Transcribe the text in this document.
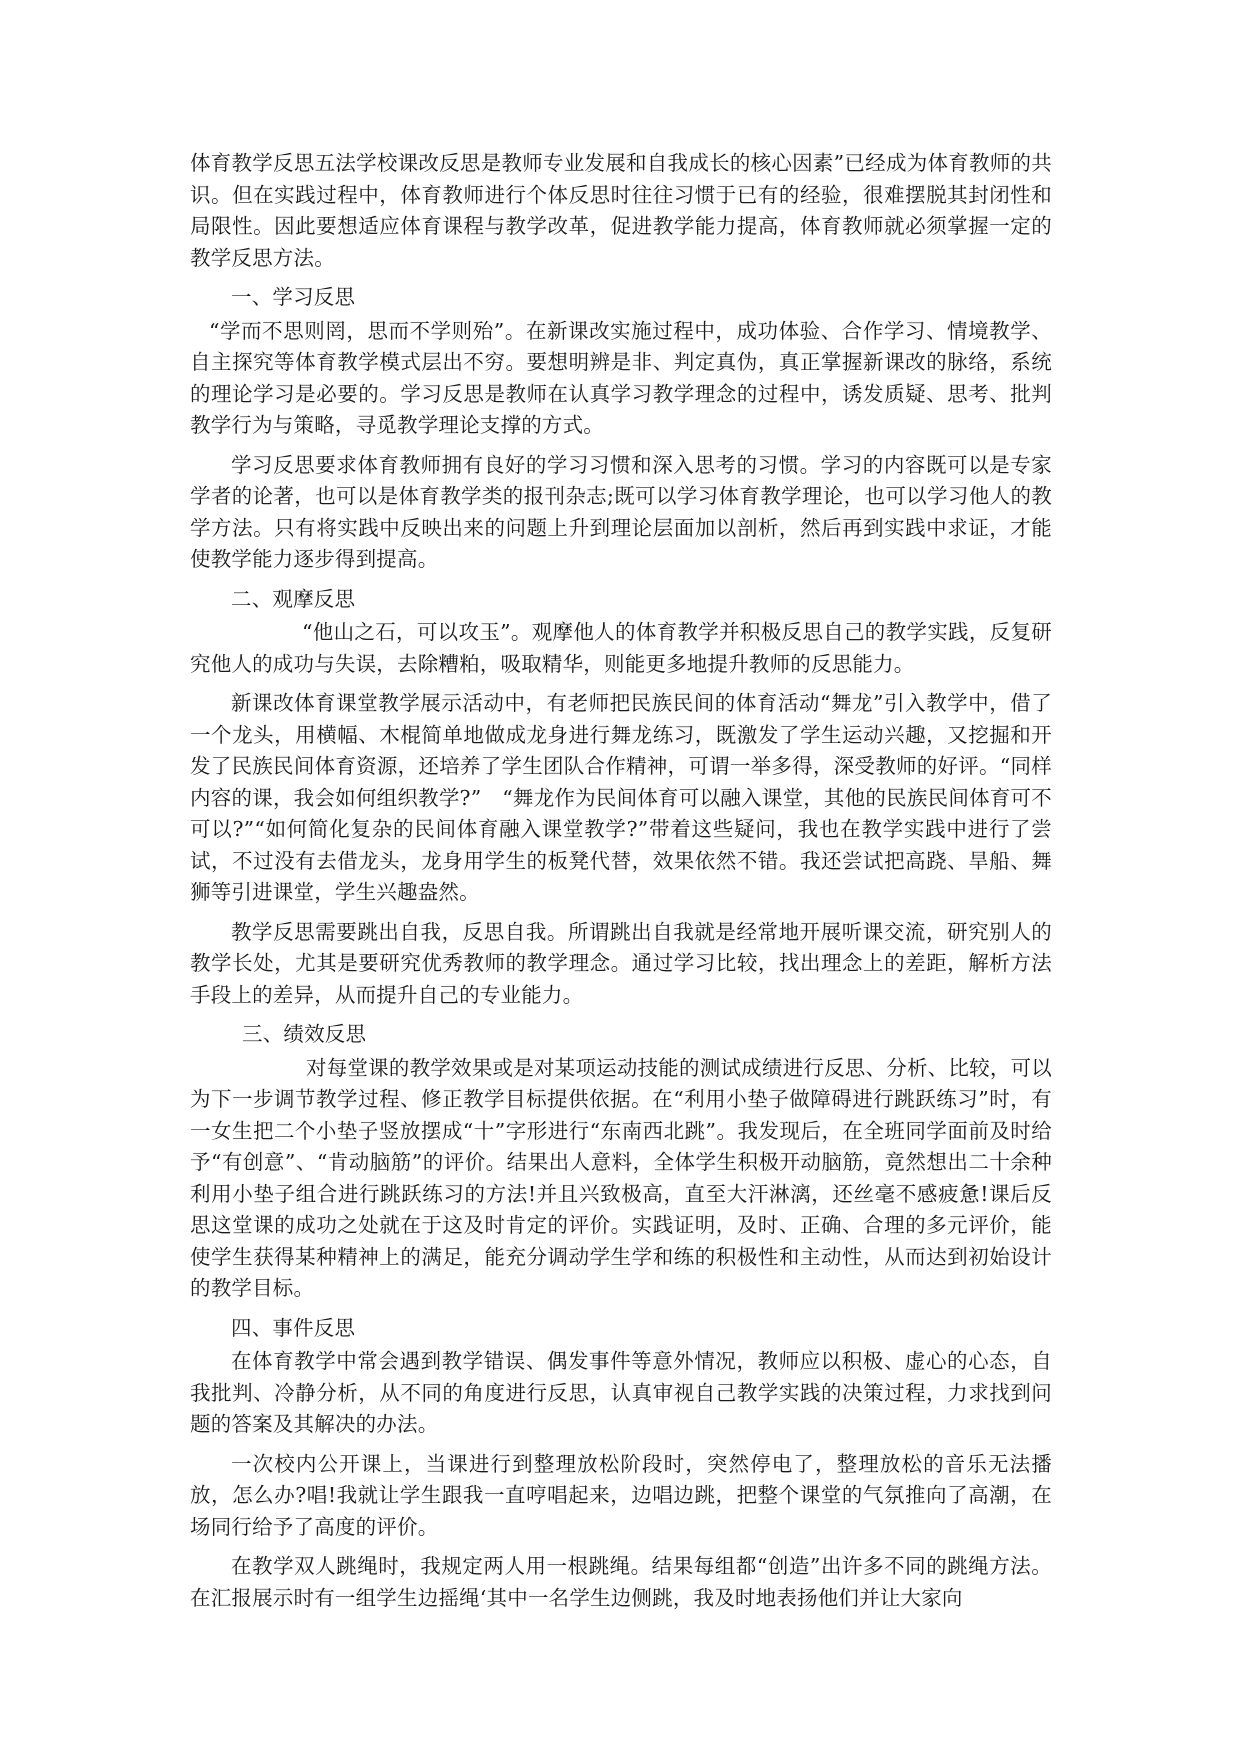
体育教学反思五法学校课改反思是教师专业发展和自我成长的核心因素”已经成为体育教师的共识。但在实践过程中，体育教师进行个体反思时往往习惯于已有的经验，很难摆脱其封闭性和局限性。因此要想适应体育课程与教学改革，促进教学能力提高，体育教师就必须掌握一定的教学反思方法。

一、学习反思

“学而不思则罔，思而不学则殆”。在新课改实施过程中，成功体验、合作学习、情境教学、自主探究等体育教学模式层出不穷。要想明辨是非、判定真伪，真正掌握新课改的脉络，系统的理论学习是必要的。学习反思是教师在认真学习教学理念的过程中，诱发质疑、思考、批判教学行为与策略，寻觅教学理论支撑的方式。

学习反思要求体育教师拥有良好的学习习惯和深入思考的习惯。学习的内容既可以是专家学者的论著，也可以是体育教学类的报刊杂志;既可以学习体育教学理论，也可以学习他人的教学方法。只有将实践中反映出来的问题上升到理论层面加以剖析，然后再到实践中求证，才能使教学能力逐步得到提高。

二、观摩反思

“他山之石，可以攻玉”。观摩他人的体育教学并积极反思自己的教学实践，反复研究他人的成功与失误，去除糟粕，吸取精华，则能更多地提升教师的反思能力。

新课改体育课堂教学展示活动中，有老师把民族民间的体育活动“舞龙”引入教学中，借了一个龙头，用横幅、木棍简单地做成龙身进行舞龙练习，既激发了学生运动兴趣，又挖掘和开发了民族民间体育资源，还培养了学生团队合作精神，可谓一举多得，深受教师的好评。“同样内容的课，我会如何组织教学?”　“舞龙作为民间体育可以融入课堂，其他的民族民间体育可不可以?”“如何简化复杂的民间体育融入课堂教学?”带着这些疑问，我也在教学实践中进行了尝试，不过没有去借龙头，龙身用学生的板凳代替，效果依然不错。我还尝试把高跷、旱船、舞狮等引进课堂，学生兴趣盎然。

教学反思需要跳出自我，反思自我。所谓跳出自我就是经常地开展听课交流，研究别人的教学长处，尤其是要研究优秀教师的教学理念。通过学习比较，找出理念上的差距，解析方法手段上的差异，从而提升自己的专业能力。

三、绩效反思

对每堂课的教学效果或是对某项运动技能的测试成绩进行反思、分析、比较，可以为下一步调节教学过程、修正教学目标提供依据。在“利用小垫子做障碍进行跳跃练习”时，有一女生把二个小垫子竖放摆成“十”字形进行“东南西北跳”。我发现后，在全班同学面前及时给予“有创意”、“肯动脑筋”的评价。结果出人意料，全体学生积极开动脑筋，竟然想出二十余种利用小垫子组合进行跳跃练习的方法!并且兴致极高，直至大汗淋漓，还丝毫不感疲惫!课后反思这堂课的成功之处就在于这及时肯定的评价。实践证明，及时、正确、合理的多元评价，能使学生获得某种精神上的满足，能充分调动学生学和练的积极性和主动性，从而达到初始设计的教学目标。

四、事件反思

在体育教学中常会遇到教学错误、偶发事件等意外情况，教师应以积极、虚心的心态，自我批判、冷静分析，从不同的角度进行反思，认真审视自己教学实践的决策过程，力求找到问题的答案及其解决的办法。

一次校内公开课上，当课进行到整理放松阶段时，突然停电了，整理放松的音乐无法播放，怎么办?唱!我就让学生跟我一直哼唱起来，边唱边跳，把整个课堂的气氛推向了高潮，在场同行给予了高度的评价。

在教学双人跳绳时，我规定两人用一根跳绳。结果每组都“创造”出许多不同的跳绳方法。在汇报展示时有一组学生边摇绳‘其中一名学生边侧跳，我及时地表扬他们并让大家向
